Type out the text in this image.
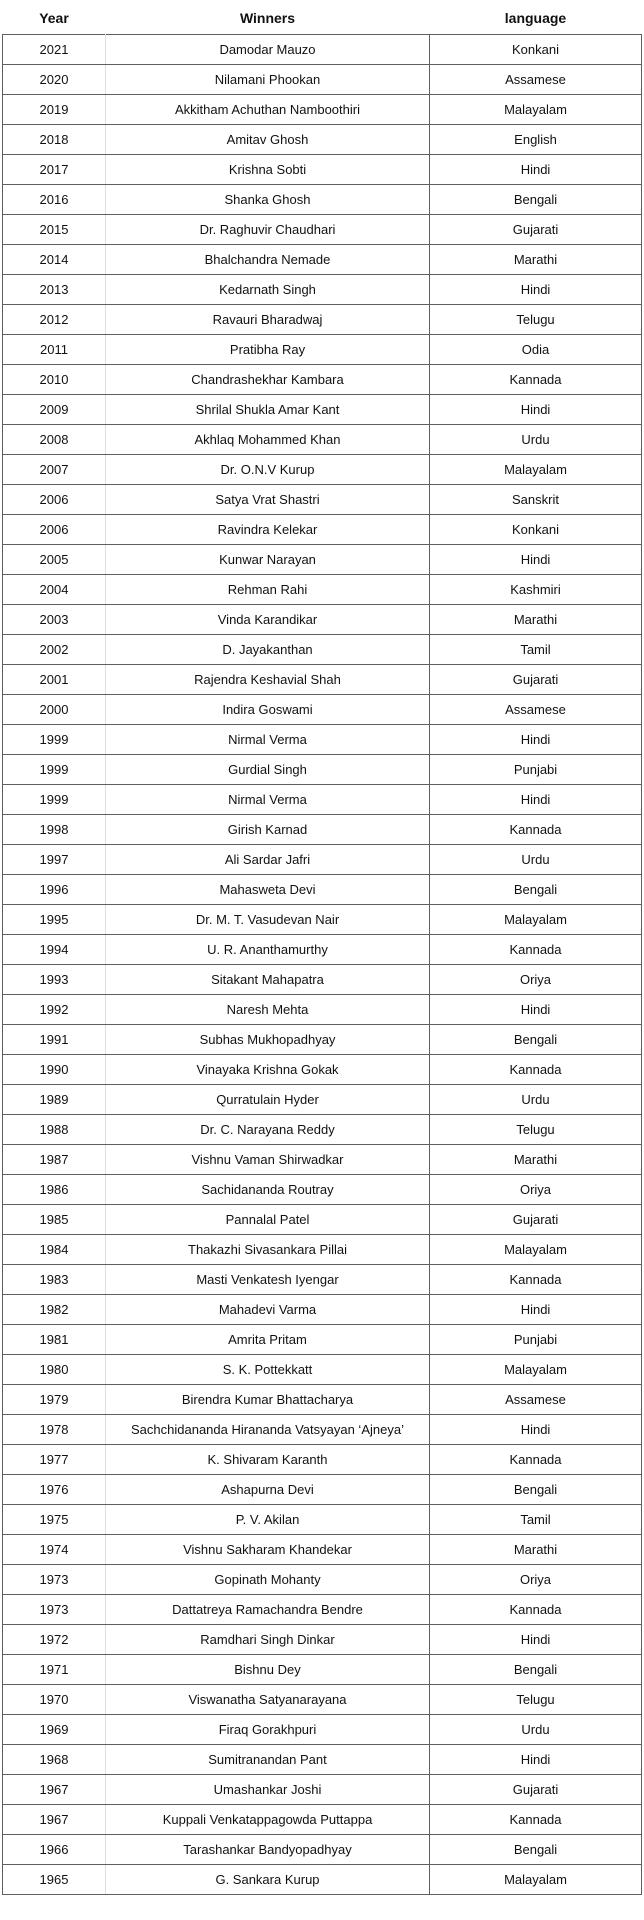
Year	Winners	language
2021	Damodar Mauzo	Konkani
2020	Nilamani Phookan	Assamese
2019	Akkitham Achuthan Namboothiri	Malayalam
2018	Amitav Ghosh	English
2017	Krishna Sobti	Hindi
2016	Shanka Ghosh	Bengali
2015	Dr. Raghuvir Chaudhari	Gujarati
2014	Bhalchandra Nemade	Marathi
2013	Kedarnath Singh	Hindi
2012	Ravauri Bharadwaj	Telugu
2011	Pratibha Ray	Odia
2010	Chandrashekhar Kambara	Kannada
2009	Shrilal Shukla Amar Kant	Hindi
2008	Akhlaq Mohammed Khan	Urdu
2007	Dr. O.N.V Kurup	Malayalam
2006	Satya Vrat Shastri	Sanskrit
2006	Ravindra Kelekar	Konkani
2005	Kunwar Narayan	Hindi
2004	Rehman Rahi	Kashmiri
2003	Vinda Karandikar	Marathi
2002	D. Jayakanthan	Tamil
2001	Rajendra Keshavial Shah	Gujarati
2000	Indira Goswami	Assamese
1999	Nirmal Verma	Hindi
1999	Gurdial Singh	Punjabi
1999	Nirmal Verma	Hindi
1998	Girish Karnad	Kannada
1997	Ali Sardar Jafri	Urdu
1996	Mahasweta Devi	Bengali
1995	Dr. M. T. Vasudevan Nair	Malayalam
1994	U. R. Ananthamurthy	Kannada
1993	Sitakant Mahapatra	Oriya
1992	Naresh Mehta	Hindi
1991	Subhas Mukhopadhyay	Bengali
1990	Vinayaka Krishna Gokak	Kannada
1989	Qurratulain Hyder	Urdu
1988	Dr. C. Narayana Reddy	Telugu
1987	Vishnu Vaman Shirwadkar	Marathi
1986	Sachidananda Routray	Oriya
1985	Pannalal Patel	Gujarati
1984	Thakazhi Sivasankara Pillai	Malayalam
1983	Masti Venkatesh Iyengar	Kannada
1982	Mahadevi Varma	Hindi
1981	Amrita Pritam	Punjabi
1980	S. K. Pottekkatt	Malayalam
1979	Birendra Kumar Bhattacharya	Assamese
1978	Sachchidananda Hirananda Vatsyayan ‘Ajneya’	Hindi
1977	K. Shivaram Karanth	Kannada
1976	Ashapurna Devi	Bengali
1975	P. V. Akilan	Tamil
1974	Vishnu Sakharam Khandekar	Marathi
1973	Gopinath Mohanty	Oriya
1973	Dattatreya Ramachandra Bendre	Kannada
1972	Ramdhari Singh Dinkar	Hindi
1971	Bishnu Dey	Bengali
1970	Viswanatha Satyanarayana	Telugu
1969	Firaq Gorakhpuri	Urdu
1968	Sumitranandan Pant	Hindi
1967	Umashankar Joshi	Gujarati
1967	Kuppali Venkatappagowda Puttappa	Kannada
1966	Tarashankar Bandyopadhyay	Bengali
1965	G. Sankara Kurup	Malayalam
